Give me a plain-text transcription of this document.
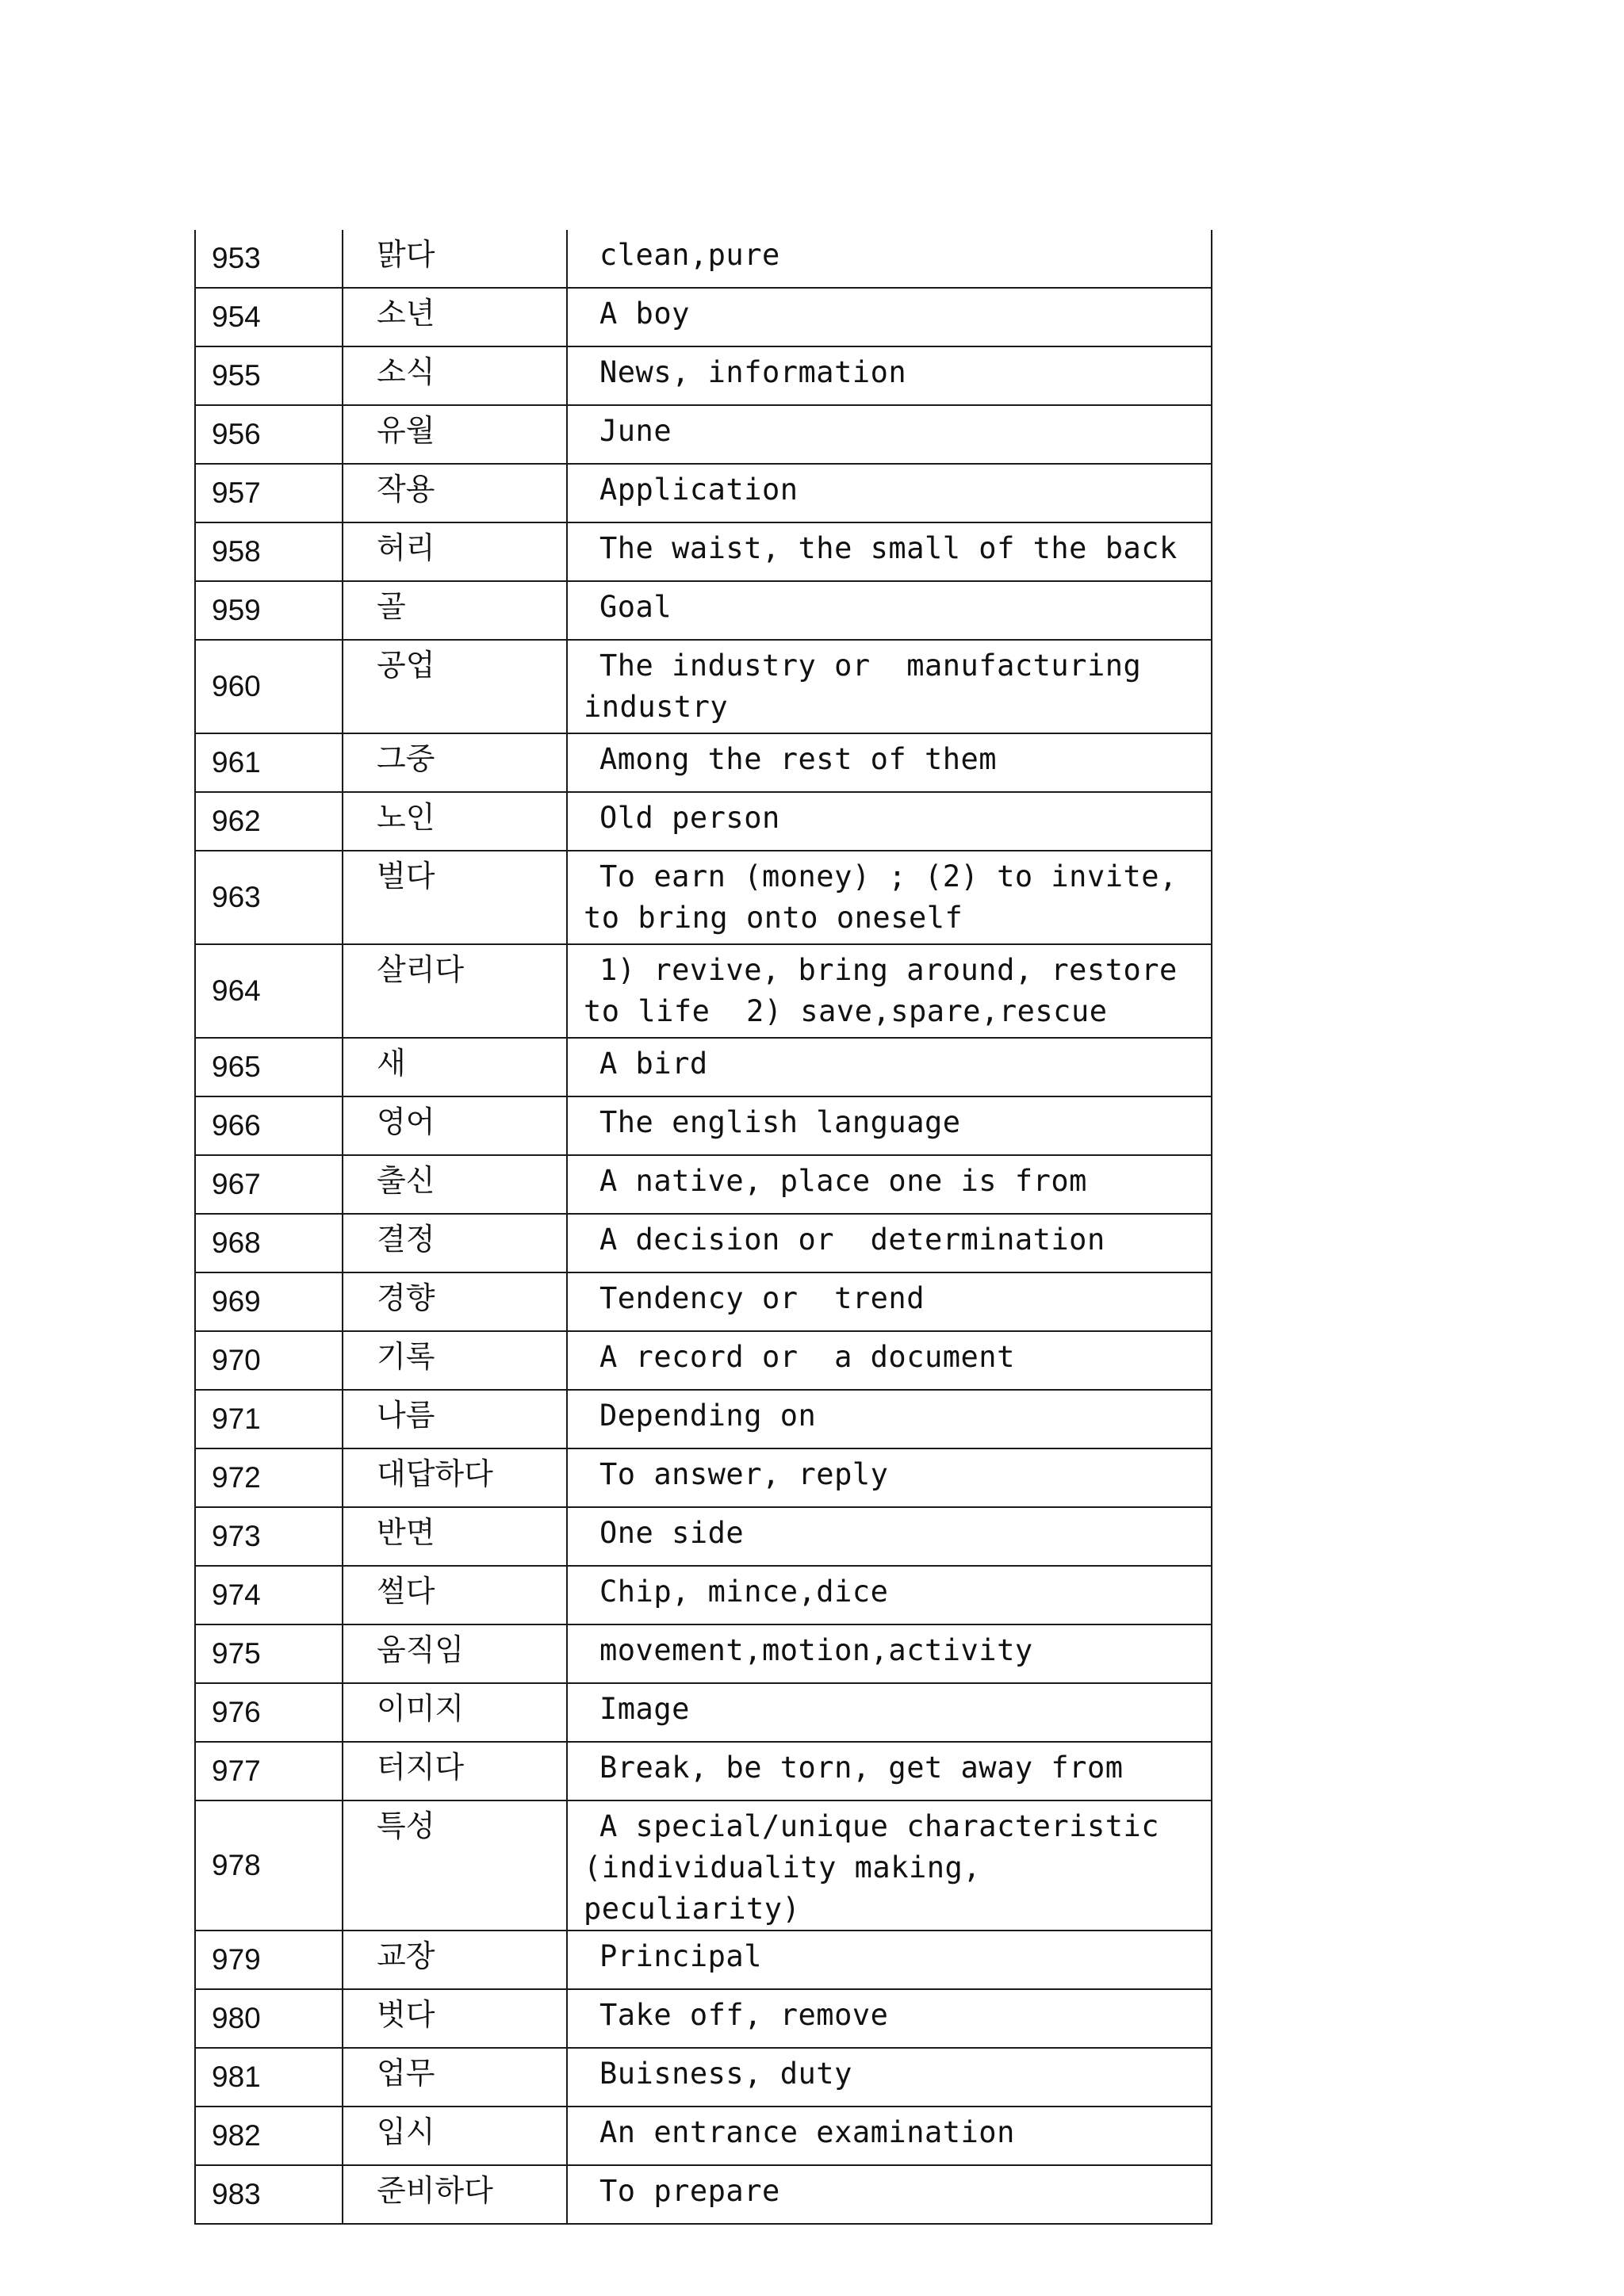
953	맑다	clean,pure

954	소년	A boy

955	소식	News, information

956	유월	June

957	작용	Application

958	허리	The waist, the small of the back

959	골	Goal

960	공업	The industry or  manufacturing industry

961	그중	Among the rest of them

962	노인	Old person

963	벌다	To earn (money) ; (2) to invite, to bring onto oneself

964	살리다	1) revive, bring around, restore to life  2) save,spare,rescue

965	새	A bird

966	영어	The english language

967	출신	A native, place one is from

968	결정	A decision or  determination

969	경향	Tendency or  trend

970	기록	A record or  a document

971	나름	Depending on

972	대답하다	To answer, reply

973	반면	One side

974	썰다	Chip, mince,dice

975	움직임	movement,motion,activity

976	이미지	Image

977	터지다	Break, be torn, get away from

978	특성	A special/unique characteristic (individuality making, peculiarity)

979	교장	Principal

980	벗다	Take off, remove

981	업무	Buisness, duty

982	입시	An entrance examination

983	준비하다	To prepare
